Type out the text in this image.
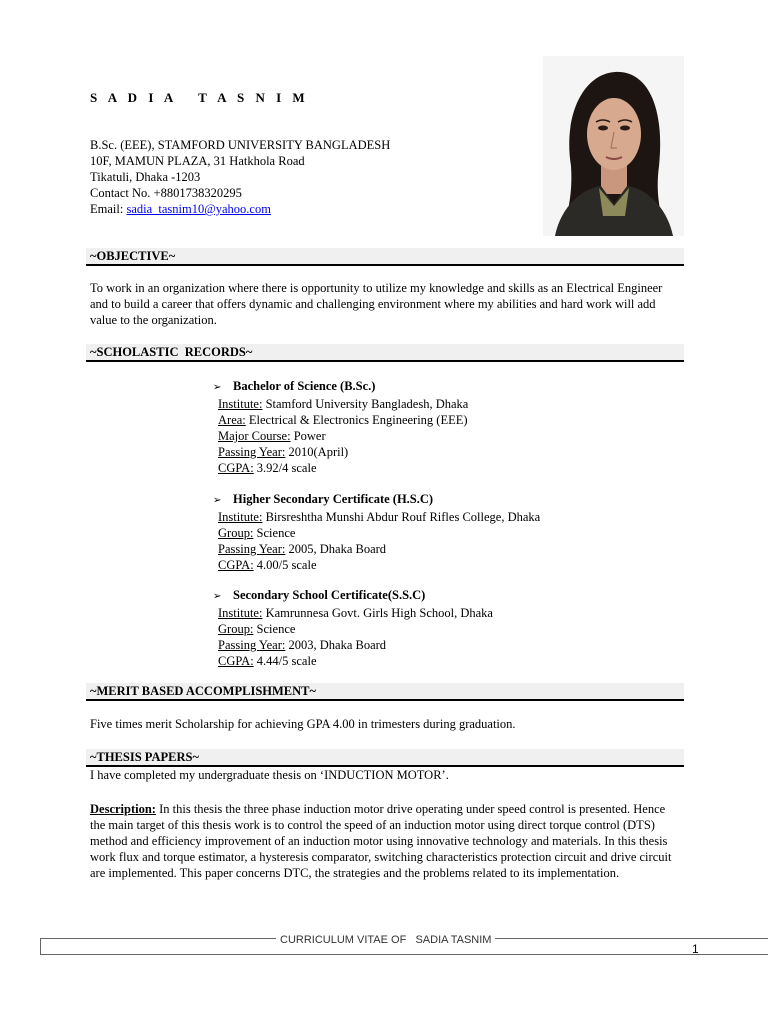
S A D I A   T A S N I M
B.Sc. (EEE), STAMFORD UNIVERSITY BANGLADESH
10F, MAMUN PLAZA, 31 Hatkhola Road
Tikatuli, Dhaka -1203
Contact No. +8801738320295
Email: sadia_tasnim10@yahoo.com
~OBJECTIVE~
To work in an organization where there is opportunity to utilize my knowledge and skills as an Electrical Engineer and to build a career that offers dynamic and challenging environment where my abilities and hard work will add value to the organization.
~SCHOLASTIC  RECORDS~
➢ Bachelor of Science (B.Sc.)
Institute: Stamford University Bangladesh, Dhaka
Area: Electrical & Electronics Engineering (EEE)
Major Course: Power
Passing Year: 2010(April)
CGPA: 3.92/4 scale
➢ Higher Secondary Certificate (H.S.C)
Institute: Birsreshtha Munshi Abdur Rouf Rifles College, Dhaka
Group: Science
Passing Year: 2005, Dhaka Board
CGPA: 4.00/5 scale
➢ Secondary School Certificate(S.S.C)
Institute: Kamrunnesa Govt. Girls High School, Dhaka
Group: Science
Passing Year: 2003, Dhaka Board
CGPA: 4.44/5 scale
~MERIT BASED ACCOMPLISHMENT~
Five times merit Scholarship for achieving GPA 4.00 in trimesters during graduation.
~THESIS PAPERS~
I have completed my undergraduate thesis on ‘INDUCTION MOTOR’.
Description: In this thesis the three phase induction motor drive operating under speed control is presented. Hence the main target of this thesis work is to control the speed of an induction motor using direct torque control (DTS) method and efficiency improvement of an induction motor using innovative technology and materials. In this thesis work flux and torque estimator, a hysteresis comparator, switching characteristics protection circuit and drive circuit are implemented. This paper concerns DTC, the strategies and the problems related to its implementation.
CURRICULUM VITAE OF   SADIA TASNIM
1
